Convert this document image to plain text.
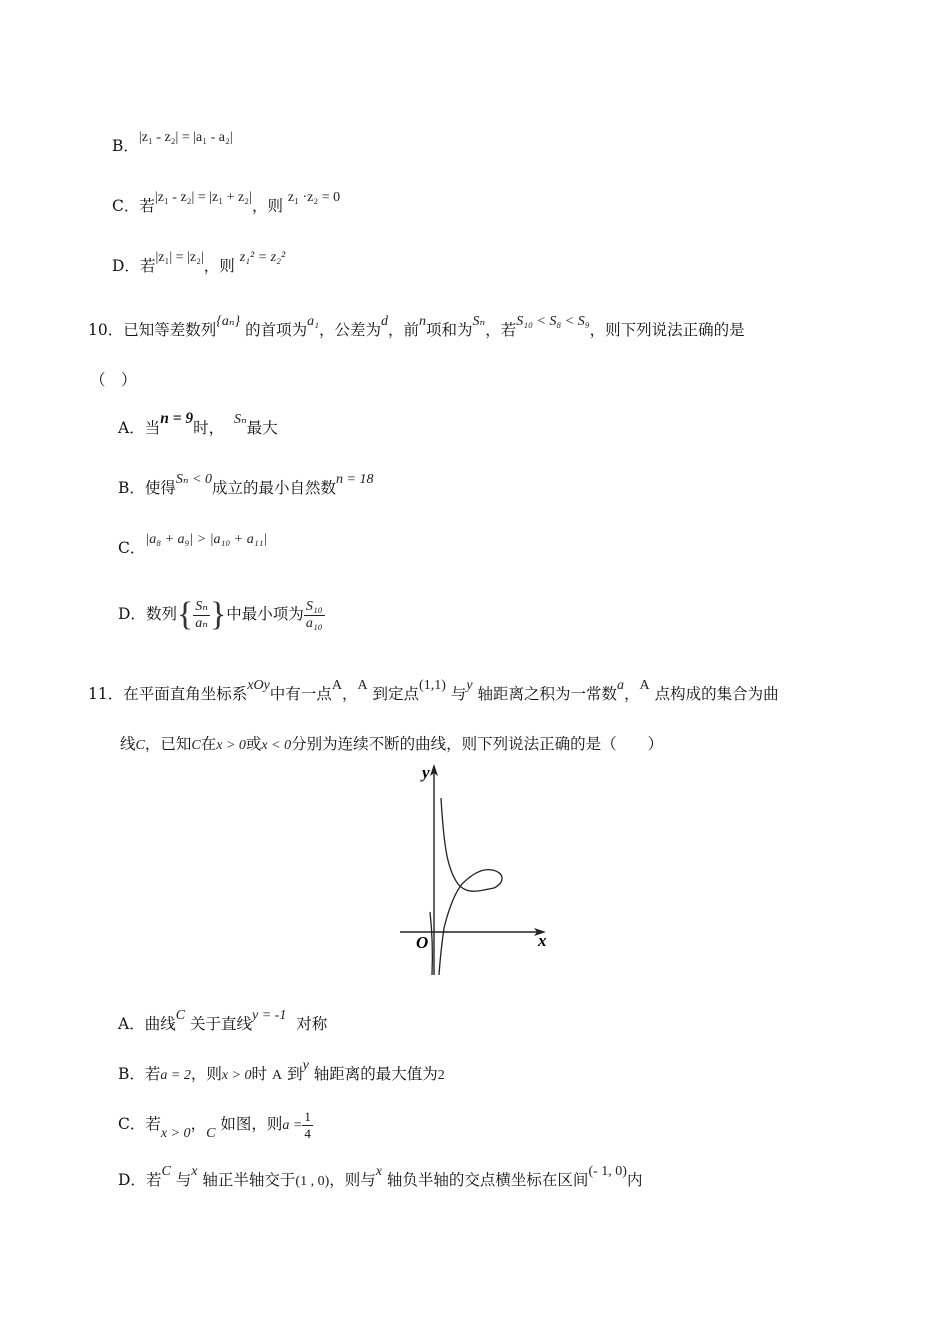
B．|z₁ - z₂| = |a₁ - a₂|
C．若|z₁ - z₂| = |z₁ + z₂|，则 z₁ ·z₂ = 0
D．若|z₁| = |z₂|，则 z₁² = z₂²
10．已知等差数列{aₙ} 的首项为a₁，公差为d，前n项和为Sₙ，若S₁₀ < S₈ < S₉，则下列说法正确的是
（　）
A．当n = 9时， Sₙ最大
B．使得Sₙ < 0成立的最小自然数n = 18
C．|a₈ + a₉| > |a₁₀ + a₁₁|
D．数列{ $\frac{\text{Sₙ}}{\text{aₙ}}$ }中最小项为 $\frac{\text{S₁₀}}{\text{a₁₀}}$
11．在平面直角坐标系xOy中有一点A，A 到定点(1,1) 与y 轴距离之积为一常数a，A 点构成的集合为曲
线C，已知C在x > 0或x < 0分别为连续不断的曲线，则下列说法正确的是（　　）
y
x
O
A．曲线C 关于直线y = -1 对称
B．若a = 2，则x > 0时 A 到y 轴距离的最大值为2
C．若x > 0，C 如图，则$a = \frac{1}{4}$
D．若C 与x 轴正半轴交于(1 , 0)，则与x 轴负半轴的交点横坐标在区间(- 1, 0)内
